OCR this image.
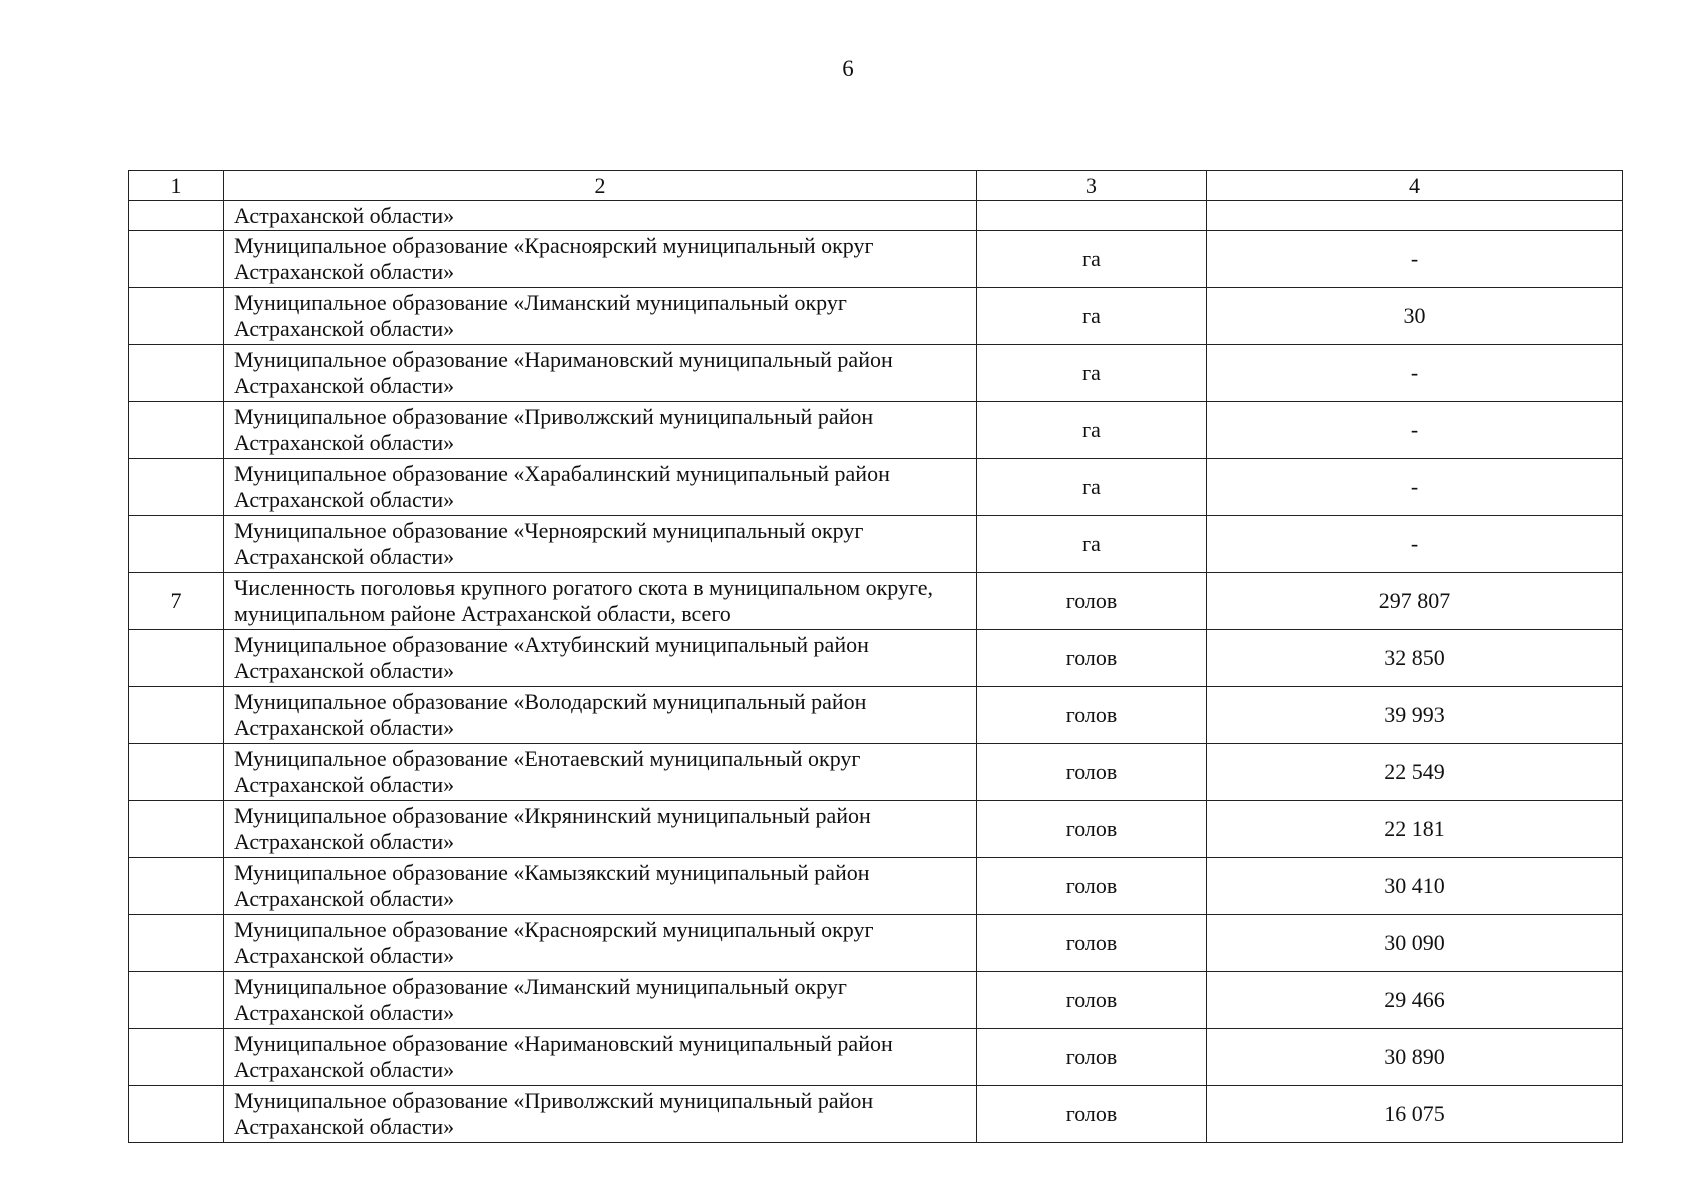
6
1	2	3	4
	Астраханской области»		
	Муниципальное образование «Красноярский муниципальный округ Астраханской области»	га	-
	Муниципальное образование «Лиманский муниципальный округ Астраханской области»	га	30
	Муниципальное образование «Наримановский муниципальный район Астраханской области»	га	-
	Муниципальное образование «Приволжский муниципальный район Астраханской области»	га	-
	Муниципальное образование «Харабалинский муниципальный район Астраханской области»	га	-
	Муниципальное образование «Черноярский муниципальный округ Астраханской области»	га	-
7	Численность поголовья крупного рогатого скота в муниципальном округе, муниципальном районе Астраханской области, всего	голов	297 807
	Муниципальное образование «Ахтубинский муниципальный район Астраханской области»	голов	32 850
	Муниципальное образование «Володарский муниципальный район Астраханской области»	голов	39 993
	Муниципальное образование «Енотаевский муниципальный округ Астраханской области»	голов	22 549
	Муниципальное образование «Икрянинский муниципальный район Астраханской области»	голов	22 181
	Муниципальное образование «Камызякский муниципальный район Астраханской области»	голов	30 410
	Муниципальное образование «Красноярский муниципальный округ Астраханской области»	голов	30 090
	Муниципальное образование «Лиманский муниципальный округ Астраханской области»	голов	29 466
	Муниципальное образование «Наримановский муниципальный район Астраханской области»	голов	30 890
	Муниципальное образование «Приволжский муниципальный район Астраханской области»	голов	16 075
